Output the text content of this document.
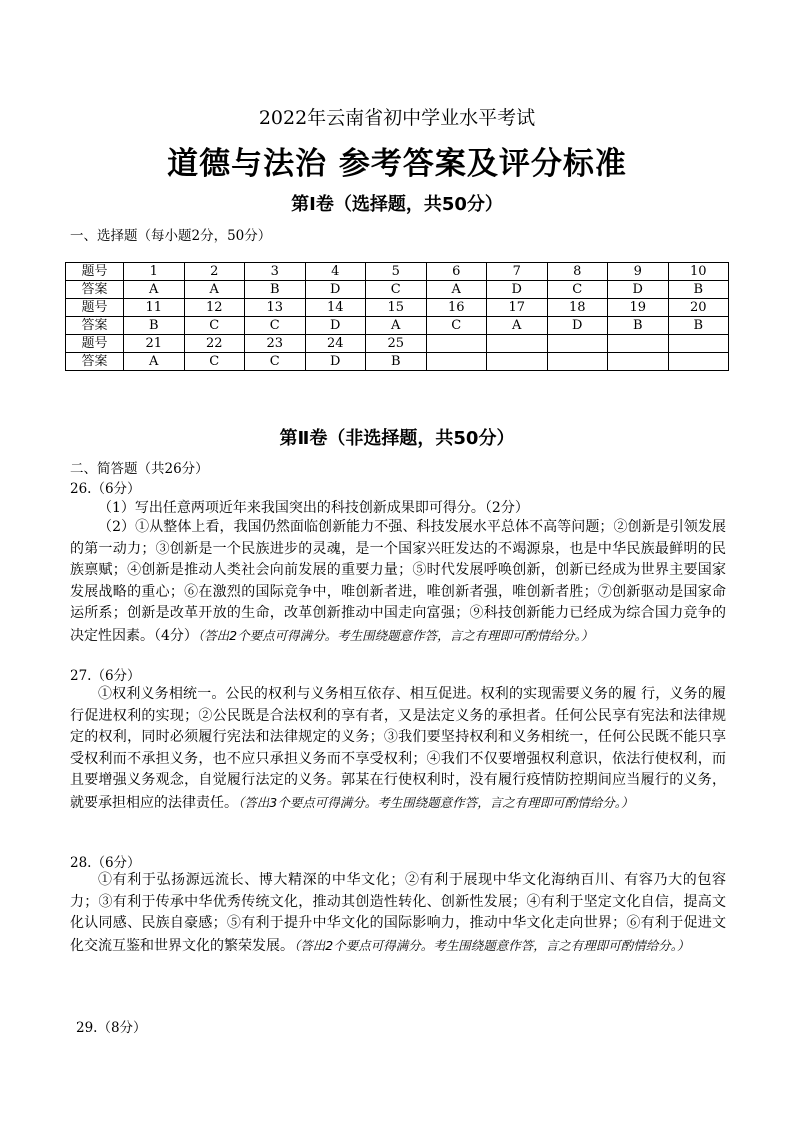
2022年云南省初中学业水平考试
道德与法治 参考答案及评分标准
第Ⅰ卷（选择题，共50分）
一、选择题（每小题2分，50分）
题号	1	2	3	4	5	6	7	8	9	10
答案	A	A	B	D	C	A	D	C	D	B
题号	11	12	13	14	15	16	17	18	19	20
答案	B	C	C	D	A	C	A	D	B	B
题号	21	22	23	24	25					
答案	A	C	C	D	B					
第Ⅱ卷（非选择题，共50分）
二、简答题（共26分）
26.（6分）
（1）写出任意两项近年来我国突出的科技创新成果即可得分。（2分）

（2）①从整体上看，我国仍然面临创新能力不强、科技发展水平总体不高等问题；②创新是引领发展的第一动力；③创新是一个民族进步的灵魂，是一个国家兴旺发达的不竭源泉，也是中华民族最鲜明的民族禀赋；④创新是推动人类社会向前发展的重要力量；⑤时代发展呼唤创新，创新已经成为世界主要国家发展战略的重心；⑥在激烈的国际竞争中，唯创新者进，唯创新者强，唯创新者胜；⑦创新驱动是国家命运所系；创新是改革开放的生命，改革创新推动中国走向富强；⑨科技创新能力已经成为综合国力竞争的决定性因素。（4分）（答出2个要点可得满分。考生围绕题意作答，言之有理即可酌情给分。）

27.（6分）

①权利义务相统一。公民的权利与义务相互依存、相互促进。权利的实现需要义务的履 行，义务的履行促进权利的实现；②公民既是合法权利的享有者，又是法定义务的承担者。任何公民享有宪法和法律规定的权利，同时必须履行宪法和法律规定的义务；③我们要坚持权利和义务相统一，任何公民既不能只享受权利而不承担义务，也不应只承担义务而不享受权利；④我们不仅要增强权利意识，依法行使权利，而且要增强义务观念，自觉履行法定的义务。郭某在行使权利时，没有履行疫情防控期间应当履行的义务，就要承担相应的法律责任。（答出3个要点可得满分。考生围绕题意作答，言之有理即可酌情给分。）

28.（6分）

①有利于弘扬源远流长、博大精深的中华文化；②有利于展现中华文化海纳百川、有容乃大的包容力；③有利于传承中华优秀传统文化，推动其创造性转化、创新性发展；④有利于坚定文化自信，提高文化认同感、民族自豪感；⑤有利于提升中华文化的国际影响力，推动中华文化走向世界；⑥有利于促进文化交流互鉴和世界文化的繁荣发展。（答出2个要点可得满分。考生围绕题意作答，言之有理即可酌情给分。）

29.（8分）
